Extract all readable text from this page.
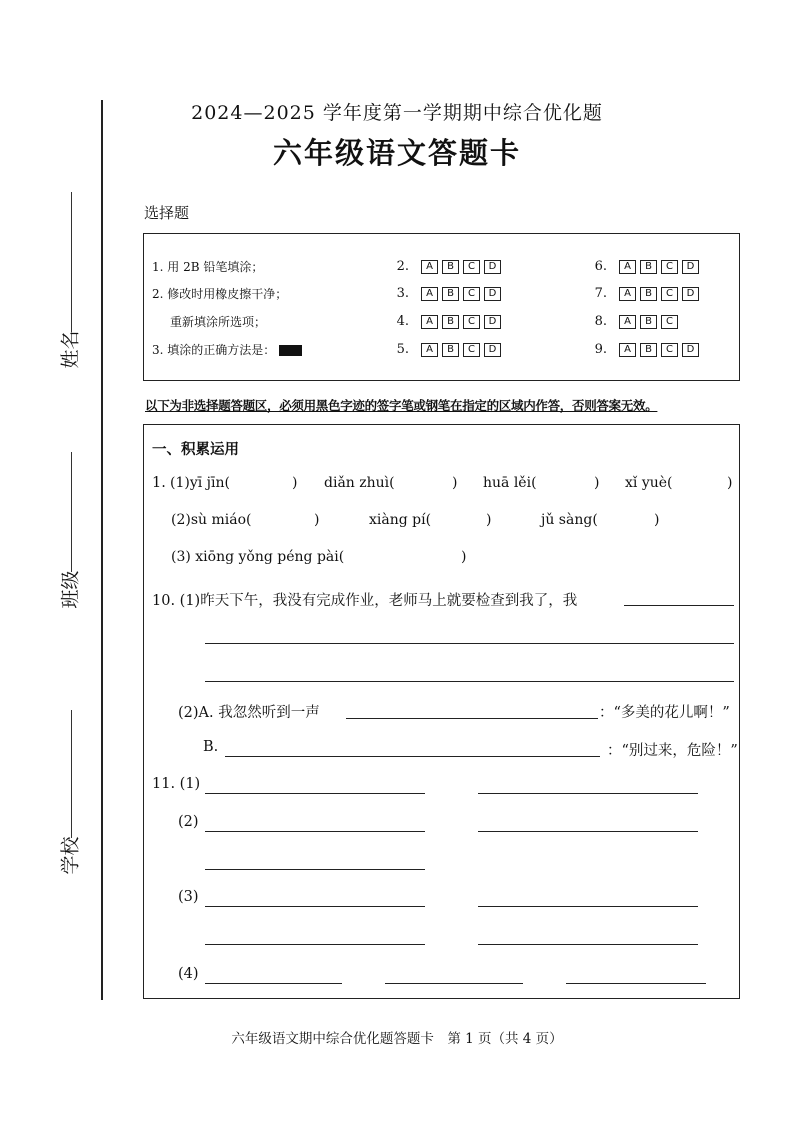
姓名
班级
学校
2024—2025 学年度第一学期期中综合优化题
六年级语文答题卡
选择题
1. 用 2B 铅笔填涂；
2. 修改时用橡皮擦干净；
重新填涂所选项；
3. 填涂的正确方法是：
2.	A	B	C	D
3.	A	B	C	D
4.	A	B	C	D
5.	A	B	C	D
6.	A	B	C	D
7.	A	B	C	D
8.	A	B	C
9.	A	B	C	D
以下为非选择题答题区，必须用黑色字迹的签字笔或钢笔在指定的区域内作答，否则答案无效。
一、积累运用
1. (1)yī jīn(	) diǎn zhuì(	) huā lěi(	) xǐ yuè(	)
(2)sù miáo(	)	xiàng pí(	)	jǔ sàng(	)
(3) xiōng yǒng péng pài(	)
10. (1)昨天下午，我没有完成作业，老师马上就要检查到我了，我
(2)A. 我忽然听到一声	：“多美的花儿啊！”
B.	：“别过来，危险！”
11. (1)
(2)
(3)
(4)
六年级语文期中综合优化题答题卡　第 1 页（共 4 页）
